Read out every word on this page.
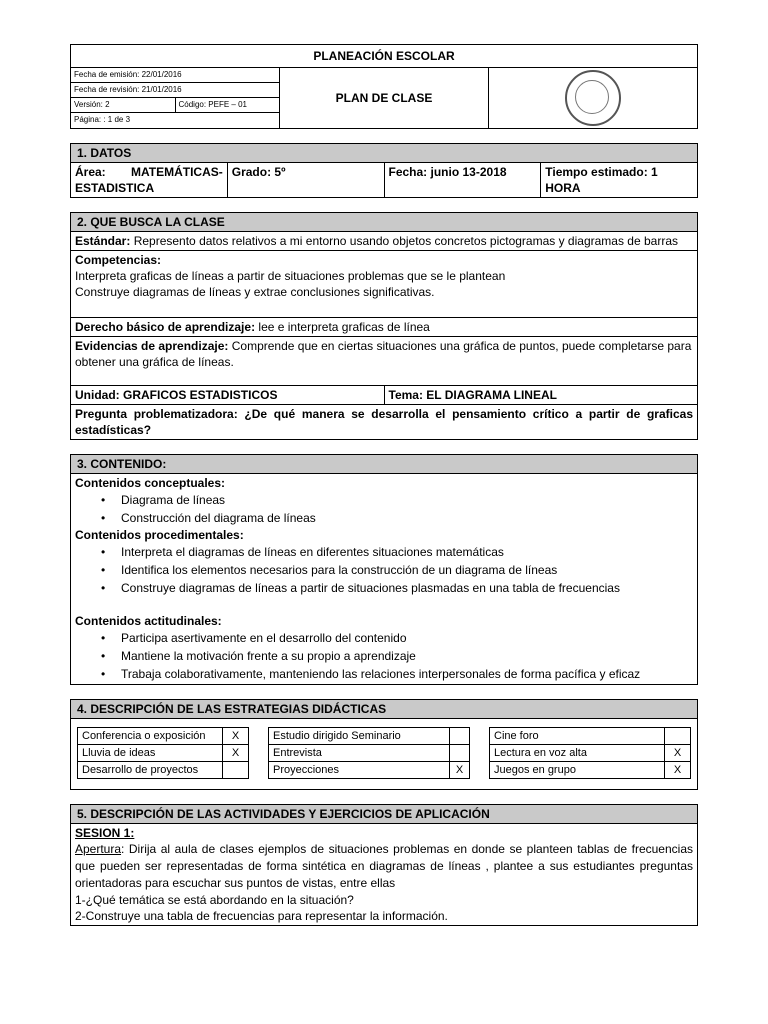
PLANEACIÓN ESCOLAR

Fecha de emisión: 22/01/2016
Fecha de revisión: 21/01/2016
Versión: 2	Código: PEFE – 01
Página: : 1 de 3
	PLAN DE CLASE	
1. DATOS

Área: MATEMÁTICAS-
ESTADISTICA
	Grado: 5º	Fecha: junio 13-2018	Tiempo estimado: 1 HORA
2. QUE BUSCA LA CLASE
Estándar: Represento datos relativos a mi entorno usando objetos concretos pictogramas y diagramas de barras

Competencias:
Interpreta graficas de líneas a partir de situaciones problemas que se le plantean
Construye diagramas de líneas y extrae conclusiones significativas.

Derecho básico de aprendizaje: lee e interpreta graficas de línea
Evidencias de aprendizaje: Comprende que en ciertas situaciones una gráfica de puntos, puede completarse para obtener una gráfica de líneas.
Unidad: GRAFICOS ESTADISTICOS	Tema: EL DIAGRAMA LINEAL
Pregunta problematizadora: ¿De qué manera se desarrolla el pensamiento crítico a partir de graficas estadísticas?
3. CONTENIDO:

Contenidos conceptuales:
• Diagrama de líneas
• Construcción del diagrama de líneas
Contenidos procedimentales:
• Interpreta el diagramas de líneas en diferentes situaciones matemáticas
• Identifica los elementos necesarios para la construcción de un diagrama de líneas
• Construye diagramas de líneas a partir de situaciones plasmadas en una tabla de frecuencias
Contenidos actitudinales:
• Participa asertivamente en el desarrollo del contenido
• Mantiene la motivación frente a su propio a aprendizaje
• Trabaja colaborativamente, manteniendo las relaciones interpersonales de forma pacífica y eficaz
4. DESCRIPCIÓN DE LAS ESTRATEGIAS DIDÁCTICAS

Conferencia o exposición	X
Lluvia de ideas	X
Desarrollo de proyectos	
Estudio dirigido Seminario	
Entrevista	
Proyecciones	X
Cine foro	
Lectura en voz alta	X
Juegos en grupo	X
5. DESCRIPCIÓN DE LAS ACTIVIDADES Y EJERCICIOS DE APLICACIÓN

SESION 1:
Apertura: Dirija al aula de clases ejemplos de situaciones problemas en donde se planteen tablas de frecuencias que pueden ser representadas de forma sintética en diagramas de líneas , plantee a sus estudiantes preguntas orientadoras para escuchar sus puntos de vistas, entre ellas
1-¿Qué temática se está abordando en la situación?
2-Construye una tabla de frecuencias para representar la información.
